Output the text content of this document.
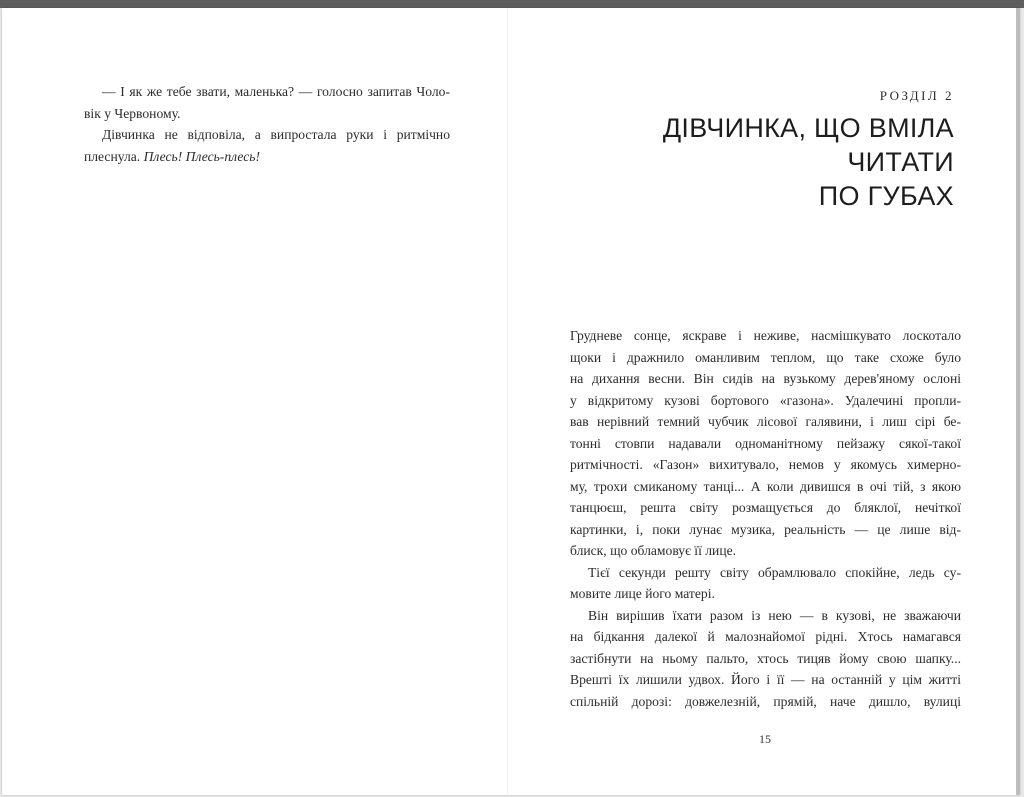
— І як же тебе звати, маленька? — голосно запитав Чоло-
вік у Червоному.

Дівчинка не відповіла, а випростала руки і ритмічно плеснула. Плесь! Плесь-плесь!

РОЗДІЛ 2
ДІВЧИНКА, ЩО ВМІЛА ЧИТАТИ
ПО ГУБАХ
Грудневе сонце, яскраве і неживе, насмішкувато лоскотало
щоки і дражнило оманливим теплом, що таке схоже було
на дихання весни. Він сидів на вузькому дерев'яному ослоні
у відкритому кузові бортового «газона». Удалечині пропли-
вав нерівний темний чубчик лісової галявини, і лиш сірі бе-
тонні стовпи надавали одноманітному пейзажу сякої-такої
ритмічності. «Газон» вихитувало, немов у якомусь химерно-
му, трохи смиканому танці... А коли дивишся в очі тій, з якою
танцюєш, решта світу розмащується до бляклої, нечіткої
картинки, і, поки лунає музика, реальність — це лише від-
блиск, що обламовує її лице.
Тієї секунди решту світу обрамлювало спокійне, ледь су-
мовите лице його матері.
Він вирішив їхати разом із нею — в кузові, не зважаючи
на бідкання далекої й малознайомої рідні. Хтось намагався
застібнути на ньому пальто, хтось тицяв йому свою шапку...
Врешті їх лишили удвох. Його і її — на останній у цім житті
спільній дорозі: довжелезній, прямій, наче дишло, вулиці
15
